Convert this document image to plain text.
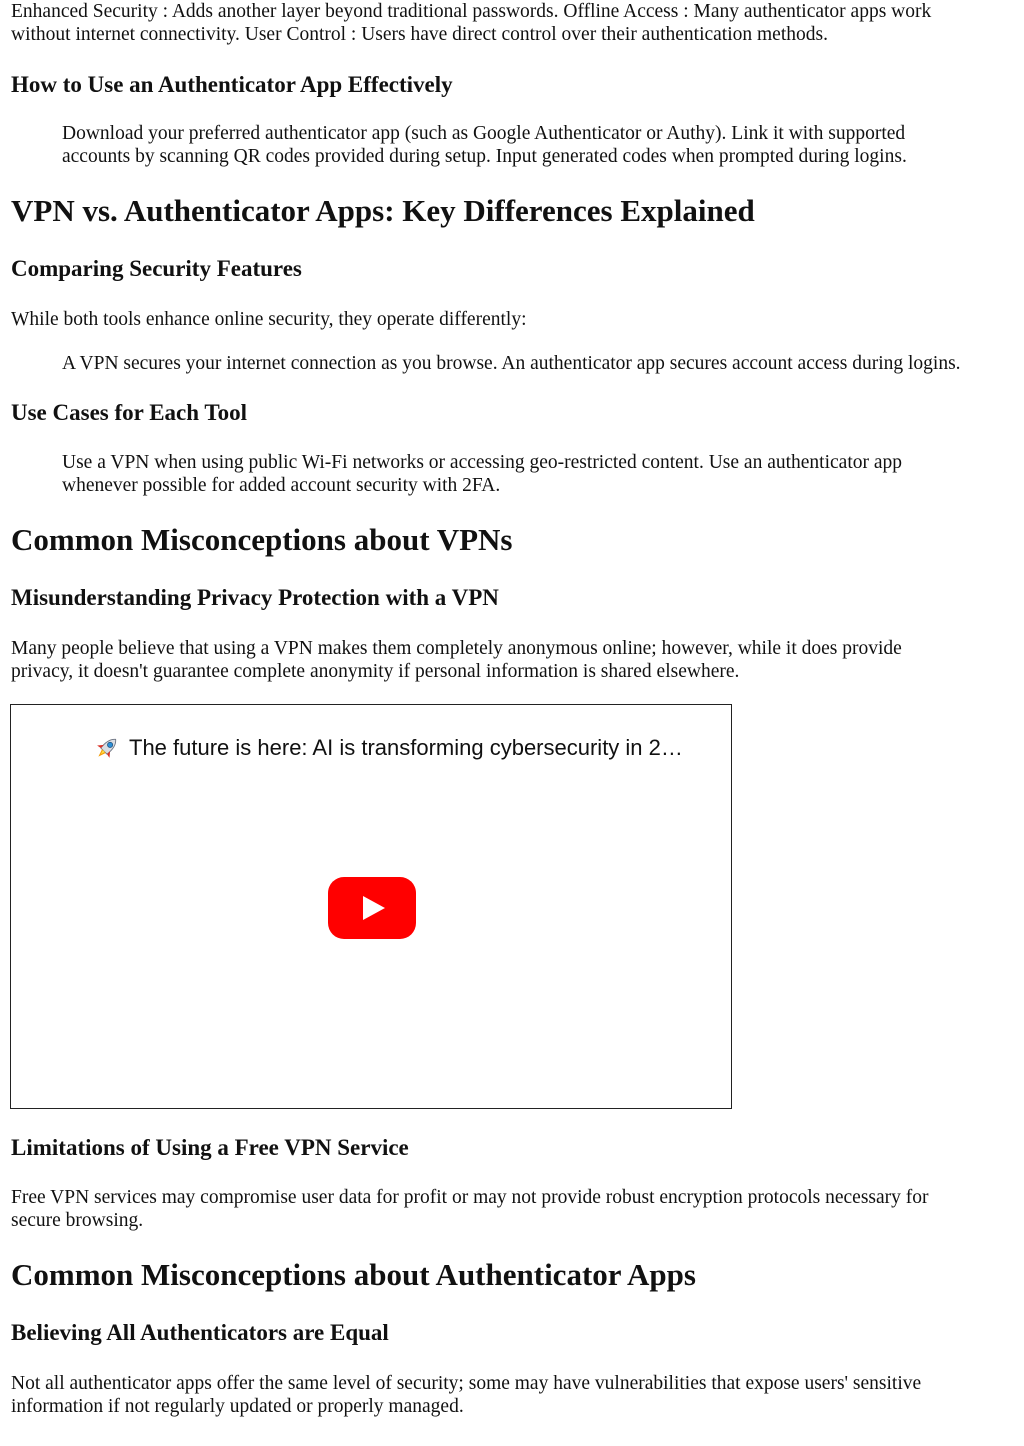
Enhanced Security : Adds another layer beyond traditional passwords. Offline Access : Many authenticator apps work

without internet connectivity. User Control : Users have direct control over their authentication methods.

How to Use an Authenticator App Effectively

Download your preferred authenticator app (such as Google Authenticator or Authy). Link it with supported

accounts by scanning QR codes provided during setup. Input generated codes when prompted during logins.

VPN vs. Authenticator Apps: Key Differences Explained
Comparing Security Features

While both tools enhance online security, they operate differently:

A VPN secures your internet connection as you browse. An authenticator app secures account access during logins.

Use Cases for Each Tool

Use a VPN when using public Wi-Fi networks or accessing geo-restricted content. Use an authenticator app

whenever possible for added account security with 2FA.

Common Misconceptions about VPNs
Misunderstanding Privacy Protection with a VPN

Many people believe that using a VPN makes them completely anonymous online; however, while it does provide

privacy, it doesn't guarantee complete anonymity if personal information is shared elsewhere.

The future is here: AI is transforming cybersecurity in 2…
Limitations of Using a Free VPN Service

Free VPN services may compromise user data for profit or may not provide robust encryption protocols necessary for

secure browsing.

Common Misconceptions about Authenticator Apps
Believing All Authenticators are Equal

Not all authenticator apps offer the same level of security; some may have vulnerabilities that expose users' sensitive

information if not regularly updated or properly managed.
